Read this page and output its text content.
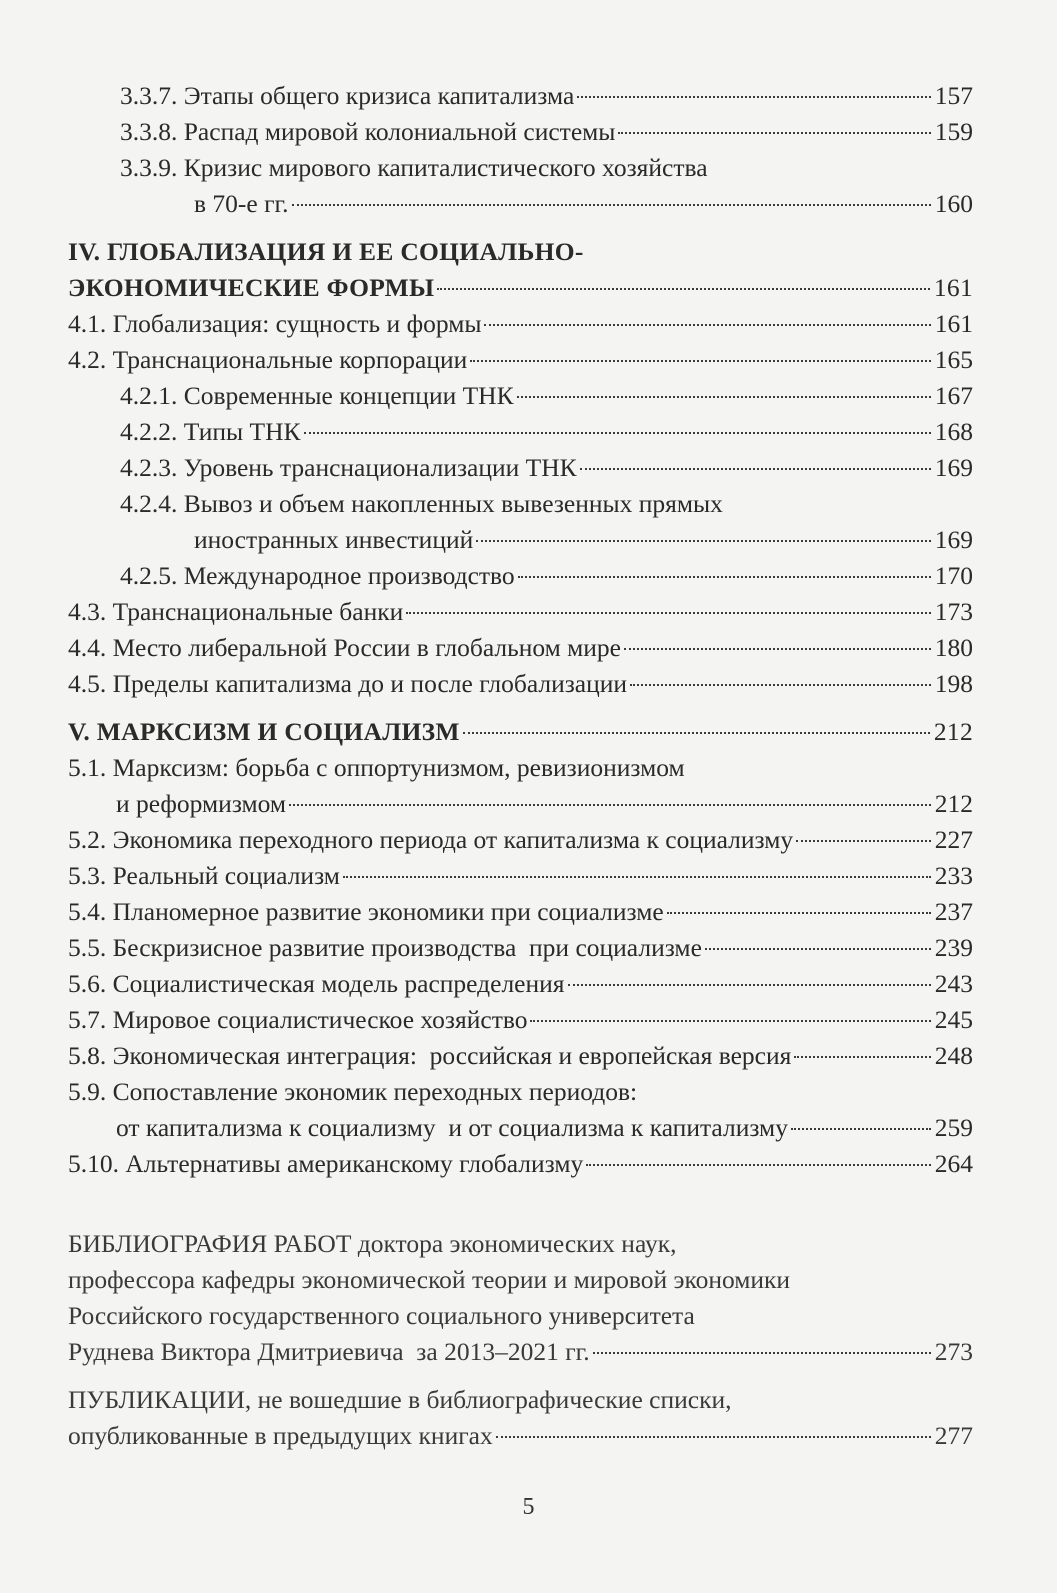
3.3.7. Этапы общего кризиса капитализма	157
3.3.8. Распад мировой колониальной системы	159
3.3.9. Кризис мирового капиталистического хозяйства
в 70-е гг.	160
IV. ГЛОБАЛИЗАЦИЯ И ЕЕ СОЦИАЛЬНО-
ЭКОНОМИЧЕСКИЕ ФОРМЫ	161
4.1. Глобализация: сущность и формы	161
4.2. Транснациональные корпорации	165
4.2.1. Современные концепции ТНК	167
4.2.2. Типы ТНК	168
4.2.3. Уровень транснационализации ТНК	169
4.2.4. Вывоз и объем накопленных вывезенных прямых
иностранных инвестиций	169
4.2.5. Международное производство	170
4.3. Транснациональные банки	173
4.4. Место либеральной России в глобальном мире	180
4.5. Пределы капитализма до и после глобализации	198
V. МАРКСИЗМ И СОЦИАЛИЗМ	212
5.1. Марксизм: борьба с оппортунизмом, ревизионизмом
и реформизмом	212
5.2. Экономика переходного периода от капитализма к социализму	227
5.3. Реальный социализм	233
5.4. Планомерное развитие экономики при социализме	237
5.5. Бескризисное развитие производства  при социализме	239
5.6. Социалистическая модель распределения	243
5.7. Мировое социалистическое хозяйство	245
5.8. Экономическая интеграция:  российская и европейская версия	248
5.9. Сопоставление экономик переходных периодов:
от капитализма к социализму  и от социализма к капитализму	259
5.10. Альтернативы американскому глобализму	264
БИБЛИОГРАФИЯ РАБОТ доктора экономических наук,
профессора кафедры экономической теории и мировой экономики
Российского государственного социального университета
Руднева Виктора Дмитриевича  за 2013–2021 гг.	273
ПУБЛИКАЦИИ, не вошедшие в библиографические списки,
опубликованные в предыдущих книгах	277
5
